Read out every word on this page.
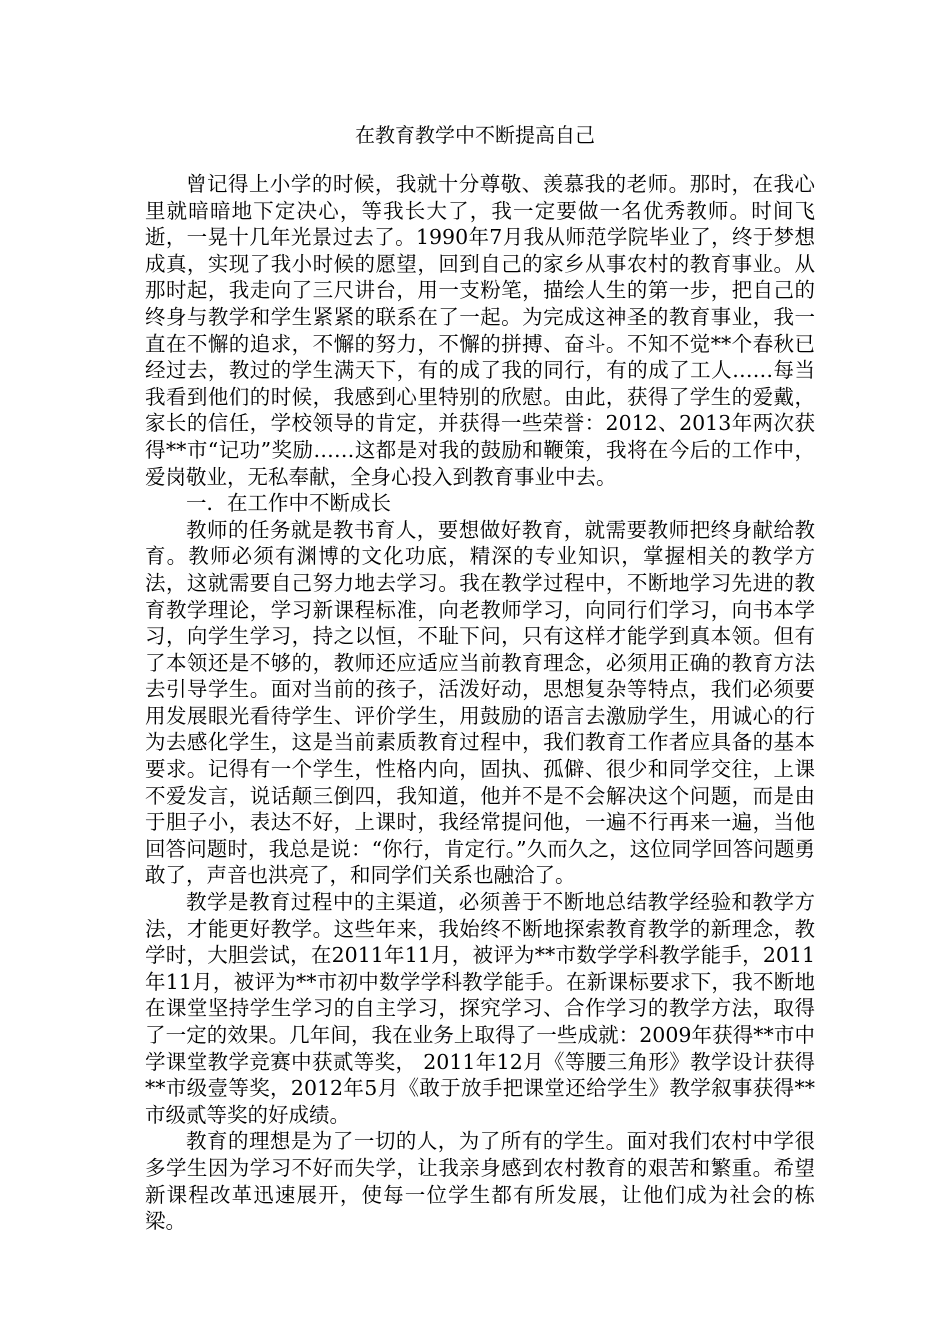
在教育教学中不断提高自己

曾记得上小学的时候，我就十分尊敬、羡慕我的老师。那时，在我心里就暗暗地下定决心，等我长大了，我一定要做一名优秀教师。时间飞逝，一晃十几年光景过去了。1990年7月我从师范学院毕业了，终于梦想成真，实现了我小时候的愿望，回到自己的家乡从事农村的教育事业。从那时起，我走向了三尺讲台，用一支粉笔，描绘人生的第一步，把自己的终身与教学和学生紧紧的联系在了一起。为完成这神圣的教育事业，我一直在不懈的追求，不懈的努力，不懈的拼搏、奋斗。不知不觉**个春秋已经过去，教过的学生满天下，有的成了我的同行，有的成了工人……每当我看到他们的时候，我感到心里特别的欣慰。由此，获得了学生的爱戴，家长的信任，学校领导的肯定，并获得一些荣誉：2012、2013年两次获得**市“记功”奖励……这都是对我的鼓励和鞭策，我将在今后的工作中，爱岗敬业，无私奉献，全身心投入到教育事业中去。

一．在工作中不断成长

教师的任务就是教书育人，要想做好教育，就需要教师把终身献给教育。教师必须有渊博的文化功底，精深的专业知识，掌握相关的教学方法，这就需要自己努力地去学习。我在教学过程中，不断地学习先进的教育教学理论，学习新课程标准，向老教师学习，向同行们学习，向书本学习，向学生学习，持之以恒，不耻下问，只有这样才能学到真本领。但有了本领还是不够的，教师还应适应当前教育理念，必须用正确的教育方法去引导学生。面对当前的孩子，活泼好动，思想复杂等特点，我们必须要用发展眼光看待学生、评价学生，用鼓励的语言去激励学生，用诚心的行为去感化学生，这是当前素质教育过程中，我们教育工作者应具备的基本要求。记得有一个学生，性格内向，固执、孤僻、很少和同学交往，上课不爱发言，说话颠三倒四，我知道，他并不是不会解决这个问题，而是由于胆子小，表达不好，上课时，我经常提问他，一遍不行再来一遍，当他回答问题时，我总是说：“你行，肯定行。”久而久之，这位同学回答问题勇敢了，声音也洪亮了，和同学们关系也融洽了。

教学是教育过程中的主渠道，必须善于不断地总结教学经验和教学方法，才能更好教学。这些年来，我始终不断地探索教育教学的新理念，教学时，大胆尝试，在2011年11月，被评为**市数学学科教学能手，2011年11月，被评为**市初中数学学科教学能手。在新课标要求下，我不断地在课堂坚持学生学习的自主学习，探究学习、合作学习的教学方法，取得了一定的效果。几年间，我在业务上取得了一些成就：2009年获得**市中学课堂教学竞赛中获贰等奖， 2011年12月《等腰三角形》教学设计获得**市级壹等奖，2012年5月《敢于放手把课堂还给学生》教学叙事获得**市级贰等奖的好成绩。

教育的理想是为了一切的人，为了所有的学生。面对我们农村中学很多学生因为学习不好而失学，让我亲身感到农村教育的艰苦和繁重。希望新课程改革迅速展开，使每一位学生都有所发展，让他们成为社会的栋梁。
